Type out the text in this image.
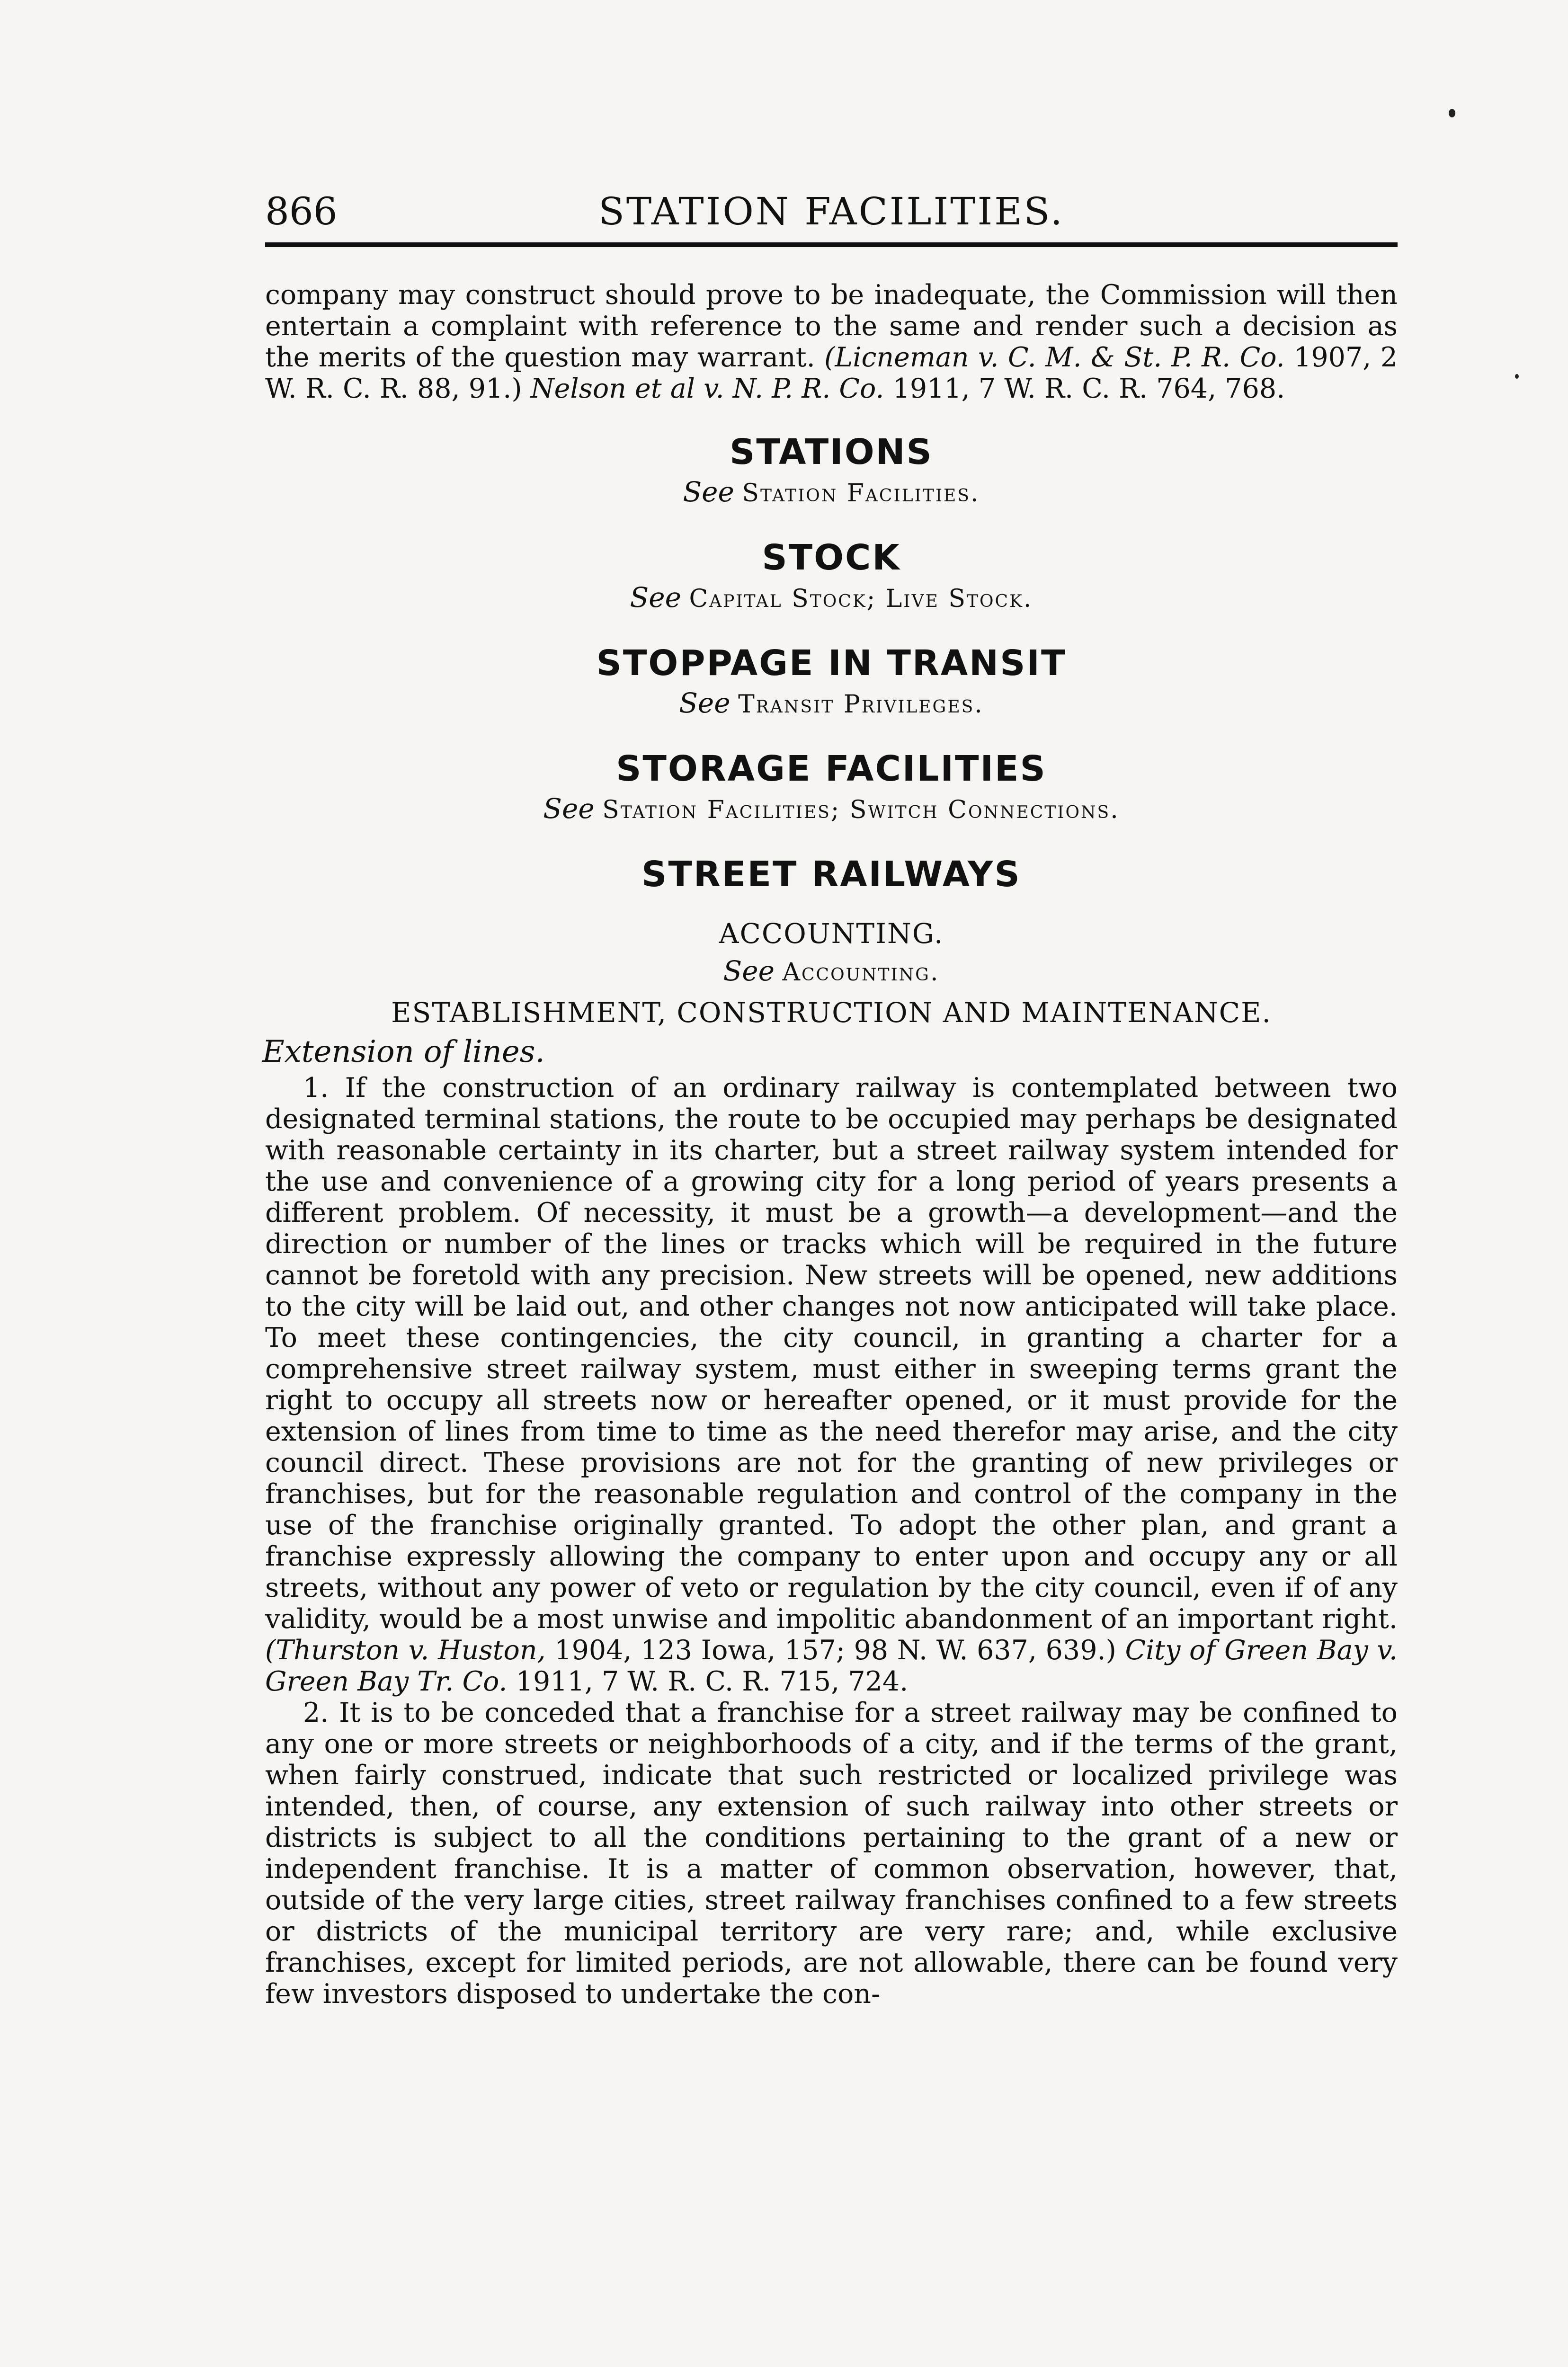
866	STATION FACILITIES.

company may construct should prove to be inadequate, the Commission will then entertain a complaint with reference to the same and render such a decision as the merits of the question may warrant. (Licneman v. C. M. & St. P. R. Co. 1907, 2 W. R. C. R. 88, 91.) Nelson et al v. N. P. R. Co. 1911, 7 W. R. C. R. 764, 768.

STATIONS
See Station Facilities.
STOCK
See Capital Stock; Live Stock.
STOPPAGE IN TRANSIT
See Transit Privileges.
STORAGE FACILITIES
See Station Facilities; Switch Connections.
STREET RAILWAYS
ACCOUNTING.
See Accounting.
ESTABLISHMENT, CONSTRUCTION AND MAINTENANCE.
Extension of lines.

1. If the construction of an ordinary railway is contemplated between two designated terminal stations, the route to be occupied may perhaps be designated with reasonable certainty in its charter, but a street railway system intended for the use and convenience of a growing city for a long period of years presents a different problem. Of necessity, it must be a growth—a development—and the direction or number of the lines or tracks which will be required in the future cannot be foretold with any precision. New streets will be opened, new additions to the city will be laid out, and other changes not now anticipated will take place. To meet these contingencies, the city council, in granting a charter for a comprehensive street railway system, must either in sweeping terms grant the right to occupy all streets now or hereafter opened, or it must provide for the extension of lines from time to time as the need therefor may arise, and the city council direct. These provisions are not for the granting of new privileges or franchises, but for the reasonable regulation and control of the company in the use of the franchise originally granted. To adopt the other plan, and grant a franchise expressly allowing the company to enter upon and occupy any or all streets, without any power of veto or regulation by the city council, even if of any validity, would be a most unwise and impolitic abandonment of an important right. (Thurston v. Huston, 1904, 123 Iowa, 157; 98 N. W. 637, 639.) City of Green Bay v. Green Bay Tr. Co. 1911, 7 W. R. C. R. 715, 724.

2. It is to be conceded that a franchise for a street railway may be confined to any one or more streets or neighborhoods of a city, and if the terms of the grant, when fairly construed, indicate that such restricted or localized privilege was intended, then, of course, any extension of such railway into other streets or districts is subject to all the conditions pertaining to the grant of a new or independent franchise. It is a matter of common observation, however, that, outside of the very large cities, street railway franchises confined to a few streets or districts of the municipal territory are very rare; and, while exclusive franchises, except for limited periods, are not allowable, there can be found very few investors disposed to undertake the con-
